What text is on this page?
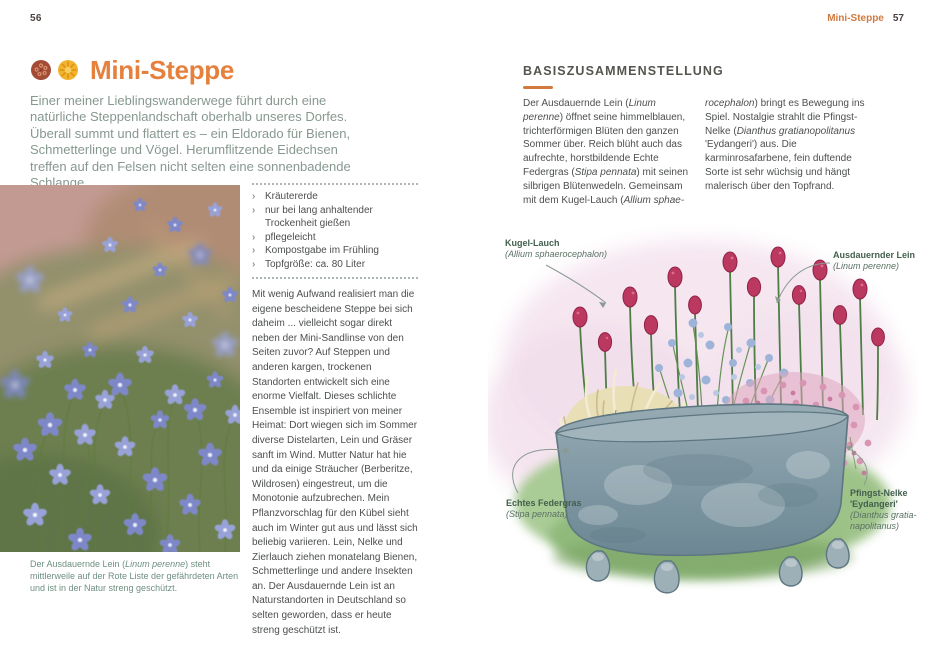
56	Mini-Steppe 57
Mini-Steppe
Einer meiner Lieblingswanderwege führt durch eine natürliche Steppenlandschaft oberhalb unseres Dorfes. Überall summt und flattert es – ein Eldorado für Bienen, Schmetterlinge und Vögel. Herumflitzende Eidechsen treffen auf den Felsen nicht selten eine sonnenbadende Schlange.
› Kräutererde
› nur bei lang anhaltender Trockenheit gießen
› pflegeleicht
› Kompostgabe im Frühling
› Topfgröße: ca. 80 Liter
Mit wenig Aufwand realisiert man die eigene bescheidene Steppe bei sich daheim ... vielleicht sogar direkt neben der Mini-Sandlinse von den Seiten zuvor? Auf Steppen und anderen kargen, trockenen Standorten entwickelt sich eine enorme Vielfalt. Dieses schlichte Ensemble ist inspiriert von meiner Heimat: Dort wiegen sich im Sommer diverse Distelarten, Lein und Gräser sanft im Wind. Mutter Natur hat hie und da einige Sträucher (Berberitze, Wildrosen) eingestreut, um die Monotonie aufzubrechen. Mein Pflanzvorschlag für den Kübel sieht auch im Winter gut aus und lässt sich beliebig variieren. Lein, Nelke und Zierlauch ziehen monatelang Bienen, Schmetterlinge und andere Insekten an. Der Ausdauernde Lein ist an Naturstandorten in Deutschland so selten geworden, dass er heute streng geschützt ist.
Der Ausdauernde Lein (Linum perenne) steht mittlerweile auf der Rote Liste der gefährdeten Arten und ist in der Natur streng geschützt.
BASISZUSAMMENSTELLUNG
Der Ausdauernde Lein (Linum perenne) öffnet seine himmelblauen, trichterförmigen Blüten den ganzen Sommer über. Reich blüht auch das aufrechte, horstbildende Echte Federgras (Stipa pennata) mit seinen silbrigen Blütenwedeln. Gemeinsam mit dem Kugel-Lauch (Allium sphae-
rocephalon) bringt es Bewegung ins Spiel. Nostalgie strahlt die Pfingst-Nelke (Dianthus gratianopolitanus 'Eydangeri') aus. Die karminrosafarbene, fein duftende Sorte ist sehr wüchsig und hängt malerisch über den Topfrand.
Kugel-Lauch
(Allium sphaerocephalon)	Ausdauernder Lein
(Linum perenne)
Echtes Federgras
(Stipa pennata)
Pfingst-Nelke 'Eydangeri'
(Dianthus gratia-napolitanus)
